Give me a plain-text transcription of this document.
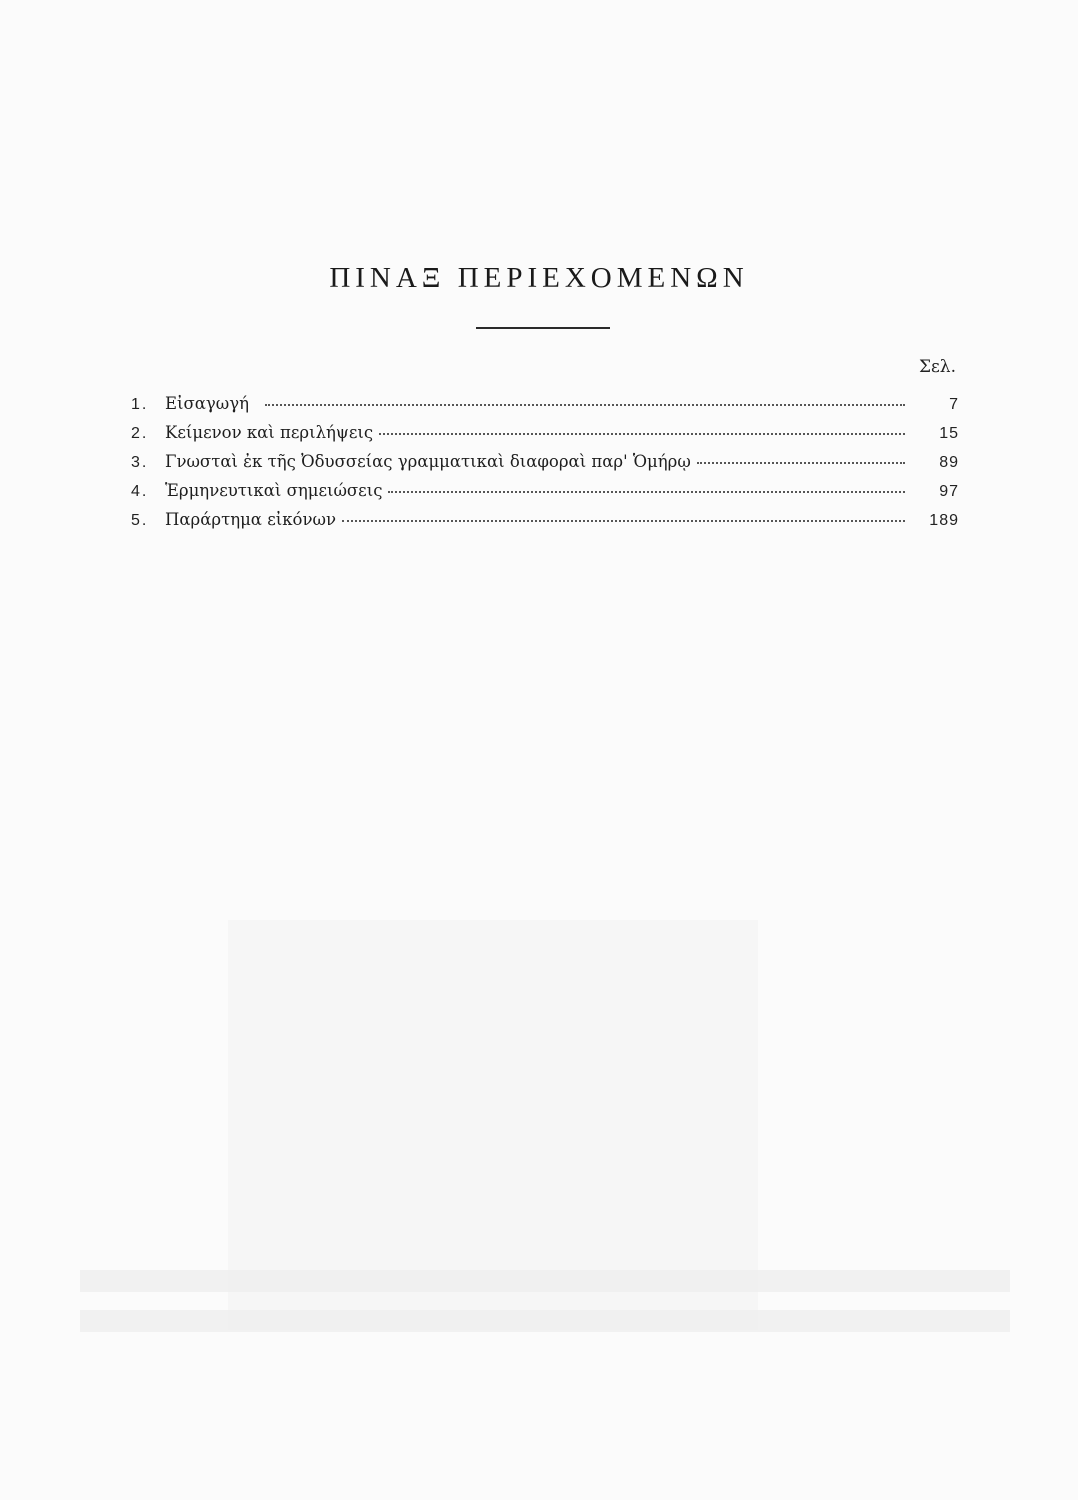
ΠΙΝΑΞ ΠΕΡΙΕΧΟΜΕΝΩΝ
Σελ.
1.	Εἰσαγωγή	7
2.	Κείμενον καὶ περιλήψεις	15
3.	Γνωσταὶ ἐκ τῆς Ὀδυσσείας γραμματικαὶ διαφοραὶ παρ' Ὁμήρῳ	89
4.	Ἑρμηνευτικαὶ σημειώσεις	97
5.	Παράρτημα εἰκόνων	189
